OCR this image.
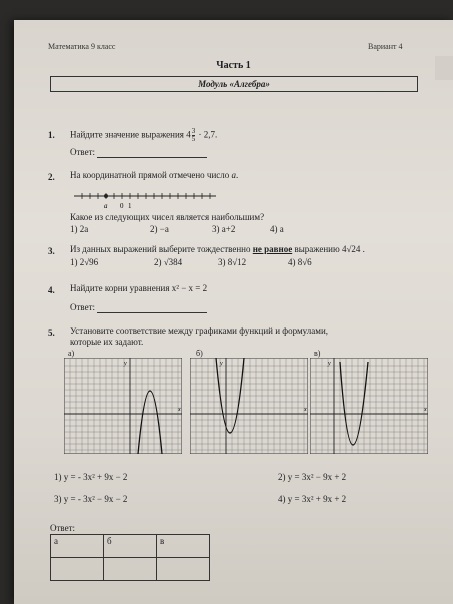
Математика 9 класс	Вариант 4
Часть 1
Модуль «Алгебра»
1. Найдите значение выражения $4 \frac{3}{5} \cdot 2,7$.
Ответ:
2. На координатной прямой отмечено число a.
a 0 1
Какое из следующих чисел является наибольшим?
1) 2a	2) −a	3) a+2	4) a
3. Из данных выражений выберите тождественно не равное выражению 4√24 .
1) 2√96	2) √384	3) 8√12	4) 8√6
4. Найдите корни уравнения x² − x = 2
Ответ:
5. Установите соответствие между графиками функций и формулами,
которые их задают.
а)	б)	в)
x
y
x
y
x
y
1) y = - 3x² + 9x − 2	2) y = 3x² − 9x + 2
3) y = - 3x² − 9x − 2	4) y = 3x² + 9x + 2
Ответ:
а	б	в
